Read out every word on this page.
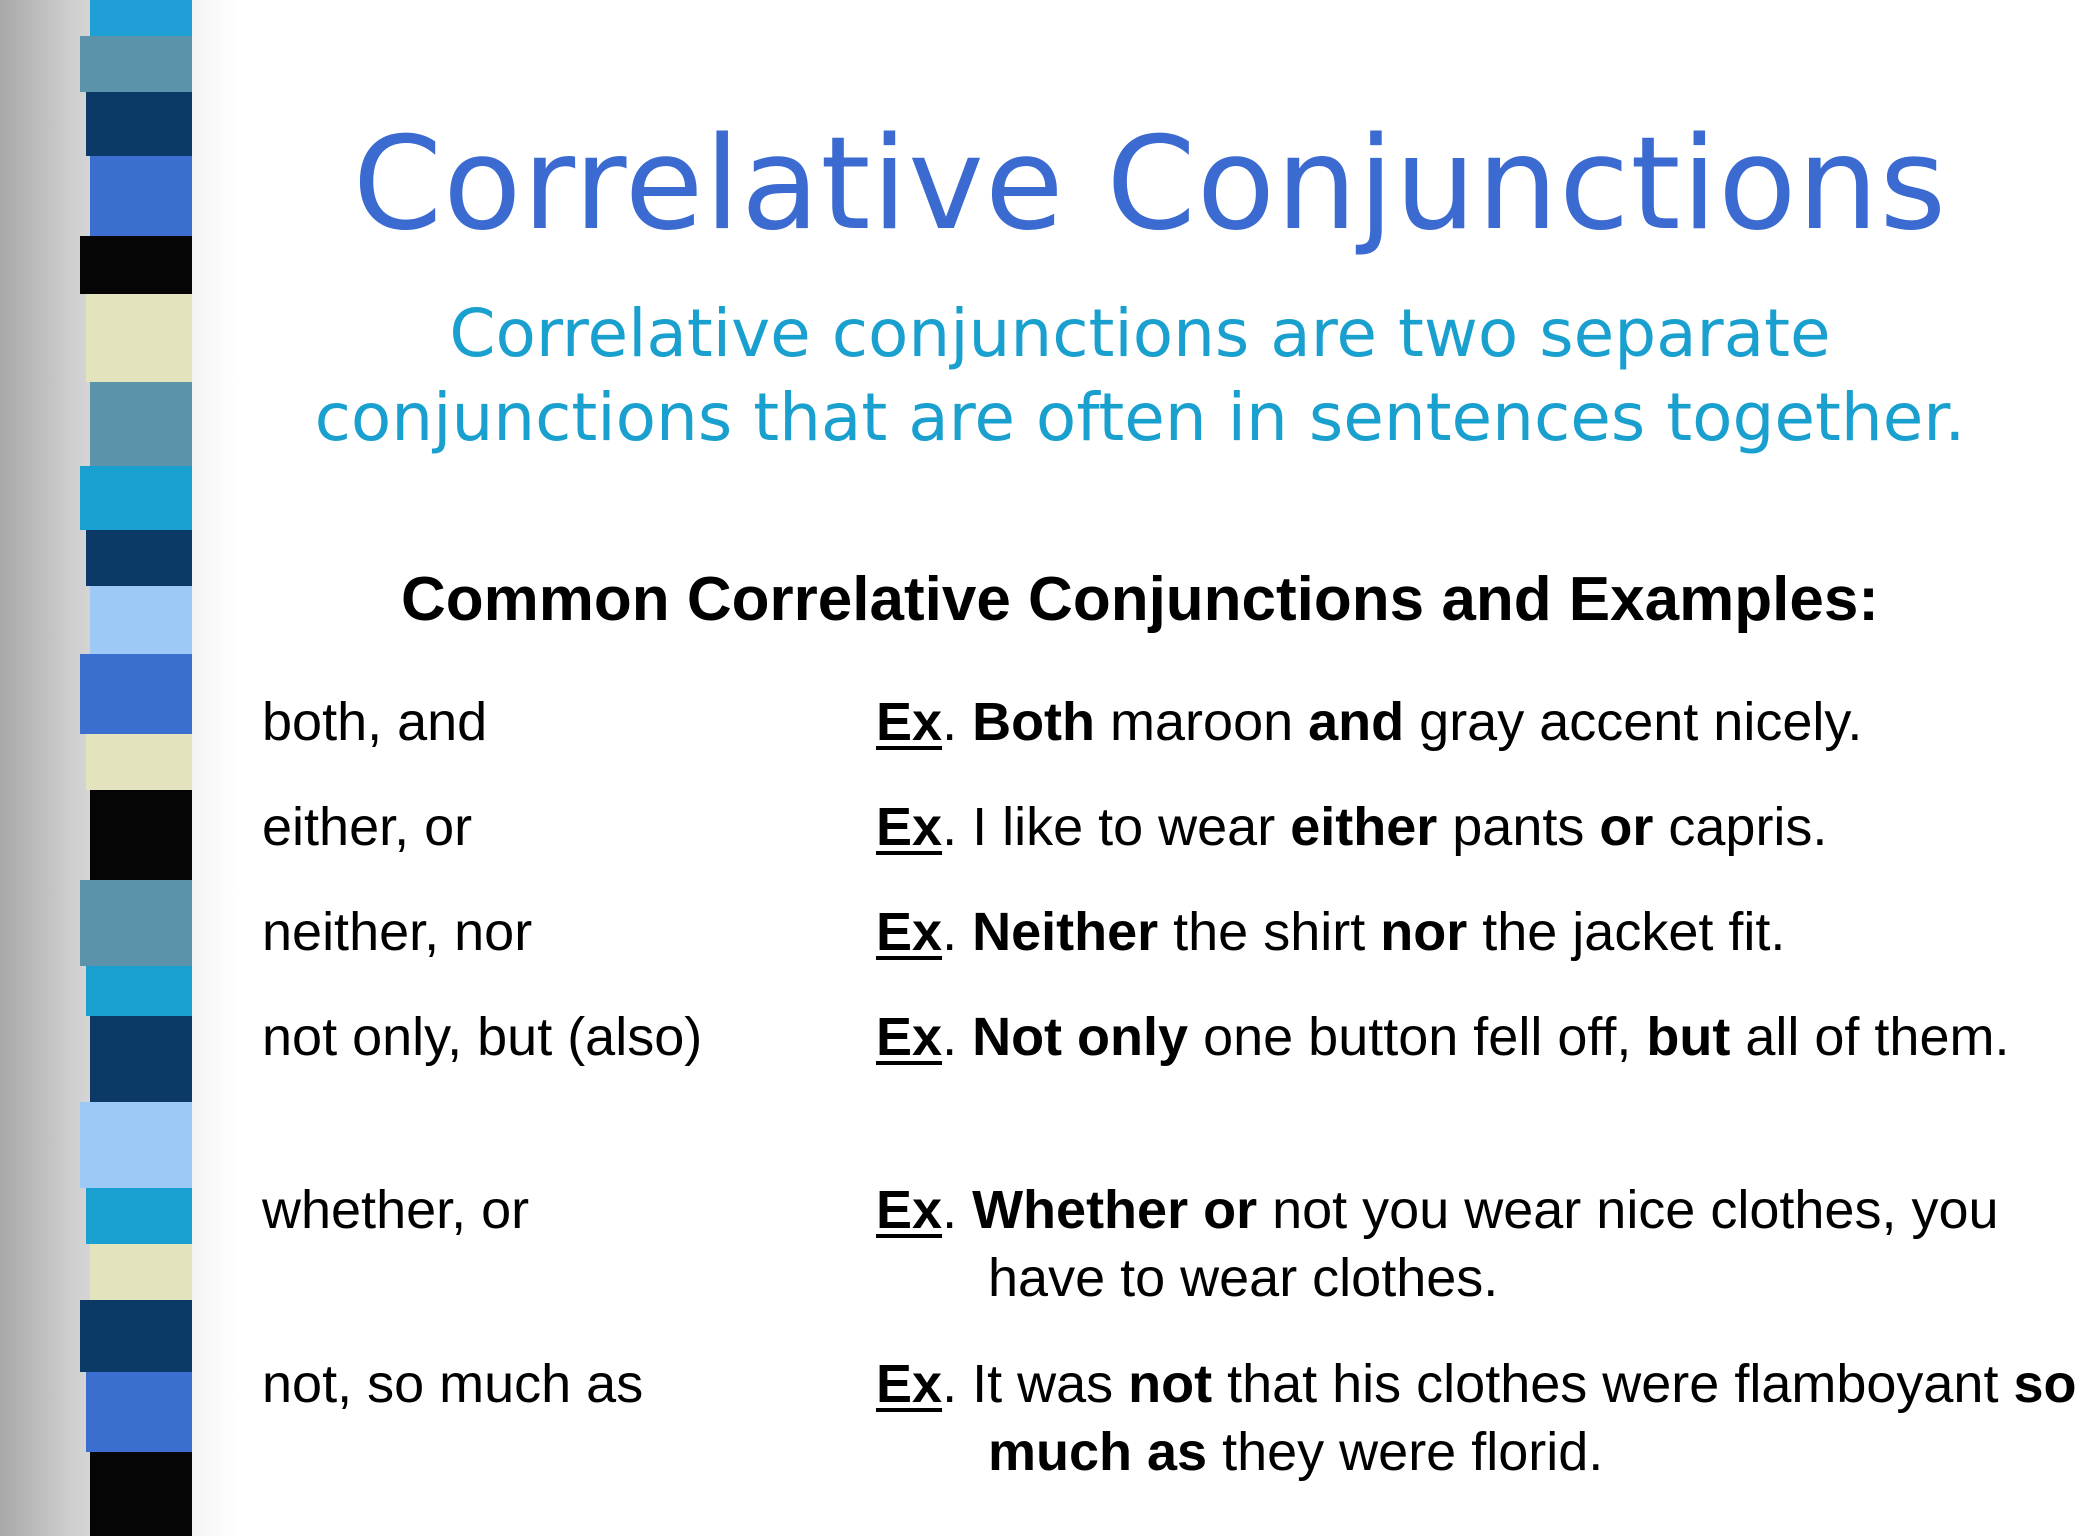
Correlative Conjunctions
Correlative conjunctions are two separate conjunctions that are often in sentences together.
Common Correlative Conjunctions and Examples:
both, and	Ex. Both maroon and gray accent nicely.
either, or	Ex. I like to wear either pants or capris.
neither, nor	Ex. Neither the shirt nor the jacket fit.
not only, but (also)	Ex. Not only one button fell off, but all of them.
whether, or	Ex. Whether or not you wear nice clothes, you have to wear clothes.
not, so much as	Ex. It was not that his clothes were flamboyant so much as they were florid.
